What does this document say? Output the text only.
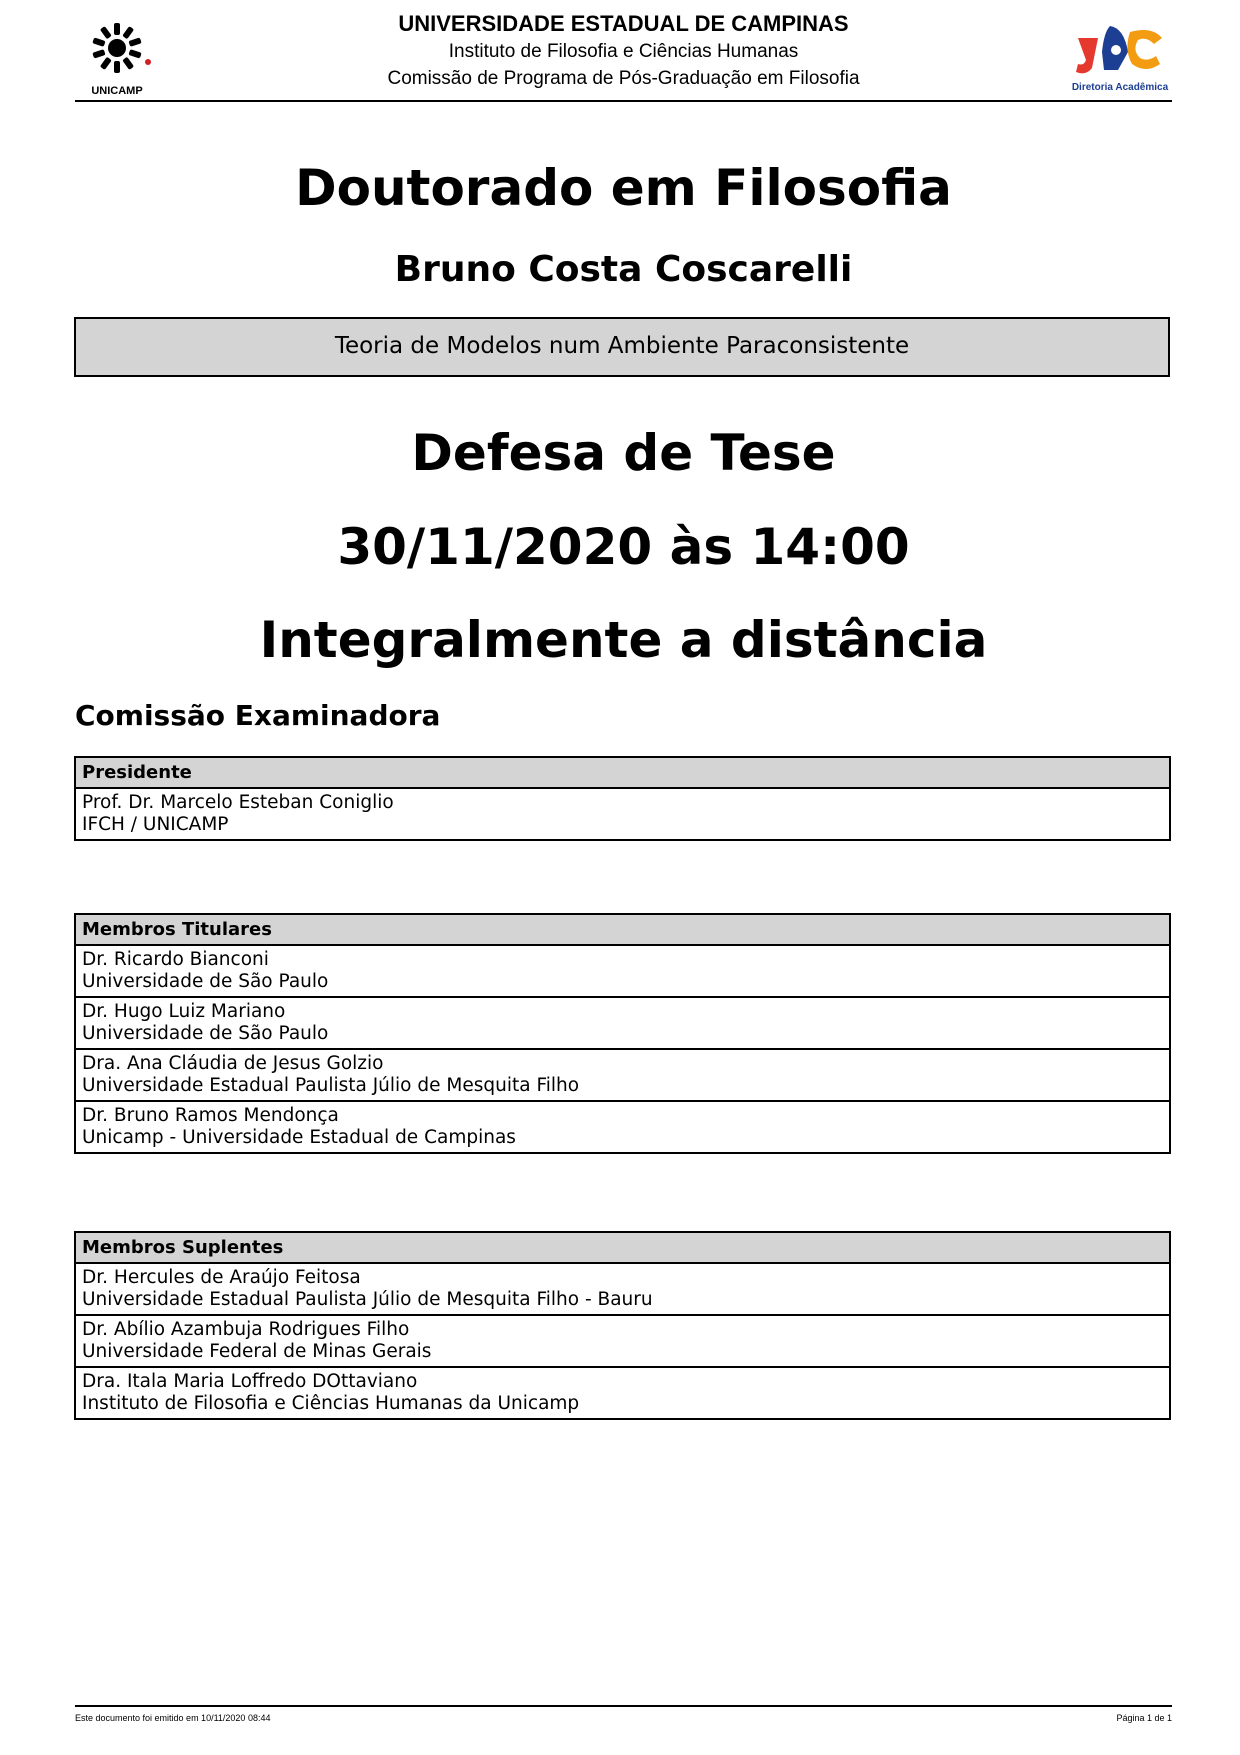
UNICAMP
UNIVERSIDADE ESTADUAL DE CAMPINAS
Instituto de Filosofia e Ciências Humanas
Comissão de Programa de Pós-Graduação em Filosofia	Diretoria Acadêmica
Doutorado em Filosofia
Bruno Costa Coscarelli
Teoria de Modelos num Ambiente Paraconsistente
Defesa de Tese
30/11/2020 às 14:00
Integralmente a distância
Comissão Examinadora
Presidente
Prof. Dr. Marcelo Esteban Coniglio
IFCH / UNICAMP
Membros Titulares
Dr. Ricardo Bianconi
Universidade de São Paulo
Dr. Hugo Luiz Mariano
Universidade de São Paulo
Dra. Ana Cláudia de Jesus Golzio
Universidade Estadual Paulista Júlio de Mesquita Filho
Dr. Bruno Ramos Mendonça
Unicamp - Universidade Estadual de Campinas
Membros Suplentes
Dr. Hercules de Araújo Feitosa
Universidade Estadual Paulista Júlio de Mesquita Filho - Bauru
Dr. Abílio Azambuja Rodrigues Filho
Universidade Federal de Minas Gerais
Dra. Itala Maria Loffredo DOttaviano
Instituto de Filosofia e Ciências Humanas da Unicamp
Este documento foi emitido em 10/11/2020 08:44	Página 1 de 1
